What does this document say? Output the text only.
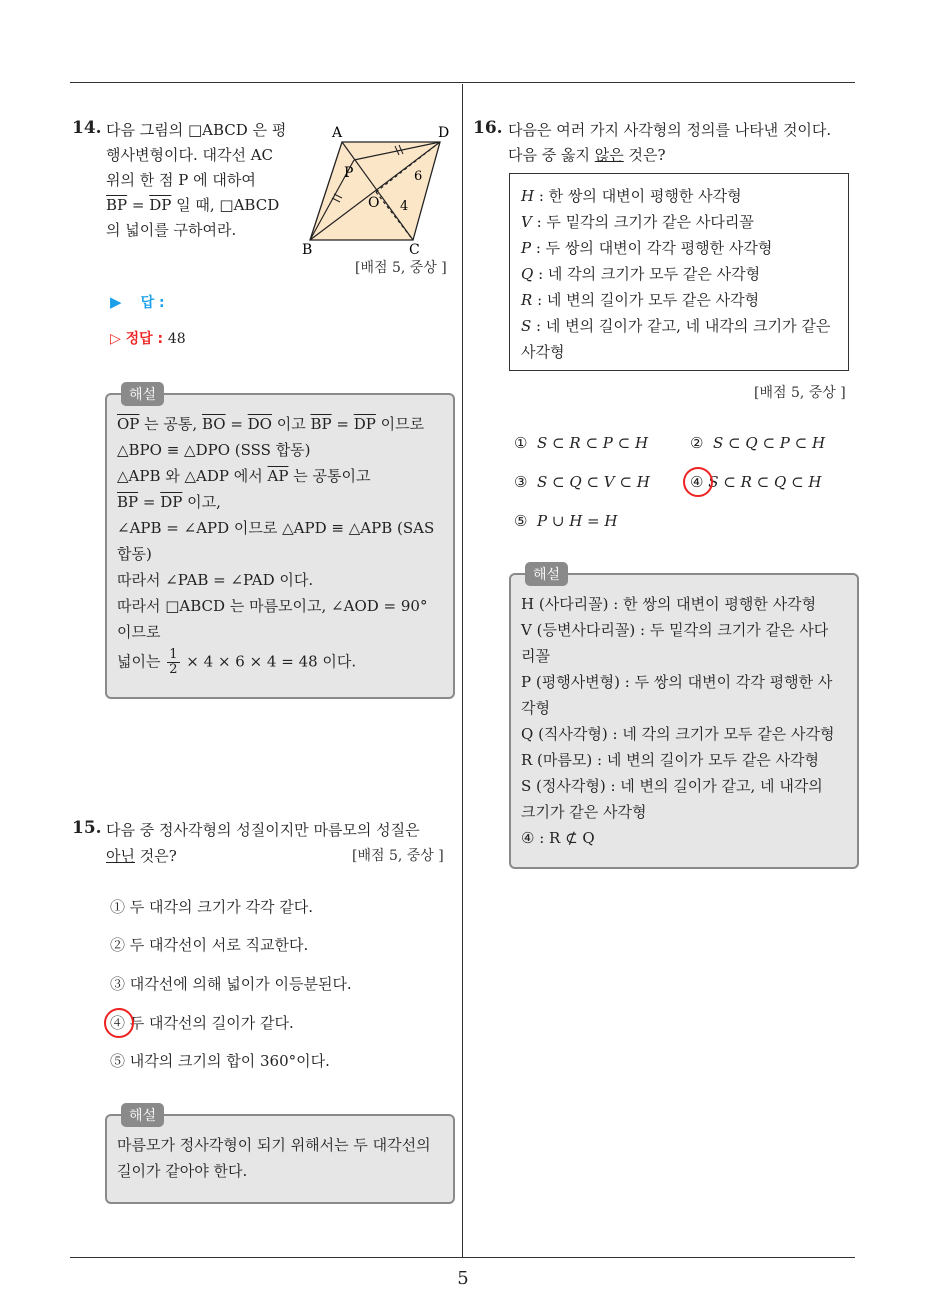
14. 다음 그림의 □ABCD 은 평
행사변형이다. 대각선 AC
위의 한 점 P 에 대하여
$\overline{BP} = \overline{DP}$ 일 때, □ABCD
의 넓이를 구하여라.
A	D
B	C
P
O
6
4
[배점 5, 중상 ]
▶ 답 :
▷ 정답 : 48
해설
$\overline{OP}$ 는 공통, $\overline{BO} = \overline{DO}$ 이고 $\overline{BP} = \overline{DP}$ 이므로
△BPO ≡ △DPO (SSS 합동)
△APB 와 △ADP 에서 $\overline{AP}$ 는 공통이고
$\overline{BP} = \overline{DP}$ 이고,
∠APB = ∠APD 이므로 △APD ≡ △APB (SAS
합동)
따라서 ∠PAB = ∠PAD 이다.
따라서 □ABCD 는 마름모이고, ∠AOD = 90°
이므로
넓이는 $\frac{1}{2} \times 4 \times 6 \times 4 = 48$ 이다.
15. 다음 중 정사각형의 성질이지만 마름모의 성질은
아닌 것은?	[배점 5, 중상 ]
① 두 대각의 크기가 각각 같다.
② 두 대각선이 서로 직교한다.
③ 대각선에 의해 넓이가 이등분된다.
④ 두 대각선의 길이가 같다.
⑤ 내각의 크기의 합이 360°이다.
해설
마름모가 정사각형이 되기 위해서는 두 대각선의
길이가 같아야 한다.
16. 다음은 여러 가지 사각형의 정의를 나타낸 것이다.
다음 중 옳지 않은 것은?
H : 한 쌍의 대변이 평행한 사각형
V : 두 밑각의 크기가 같은 사다리꼴
P : 두 쌍의 대변이 각각 평행한 사각형
Q : 네 각의 크기가 모두 같은 사각형
R : 네 변의 길이가 모두 같은 사각형
S : 네 변의 길이가 같고, 네 내각의 크기가 같은
사각형
[배점 5, 중상 ]
① S ⊂ R ⊂ P ⊂ H	② S ⊂ Q ⊂ P ⊂ H
③ S ⊂ Q ⊂ V ⊂ H	④ S ⊂ R ⊂ Q ⊂ H
⑤ P ∪ H = H
해설
H (사다리꼴) : 한 쌍의 대변이 평행한 사각형
V (등변사다리꼴) : 두 밑각의 크기가 같은 사다
리꼴
P (평행사변형) : 두 쌍의 대변이 각각 평행한 사
각형
Q (직사각형) : 네 각의 크기가 모두 같은 사각형
R (마름모) : 네 변의 길이가 모두 같은 사각형
S (정사각형) : 네 변의 길이가 같고, 네 내각의
크기가 같은 사각형
④ : R ⊄ Q
5
